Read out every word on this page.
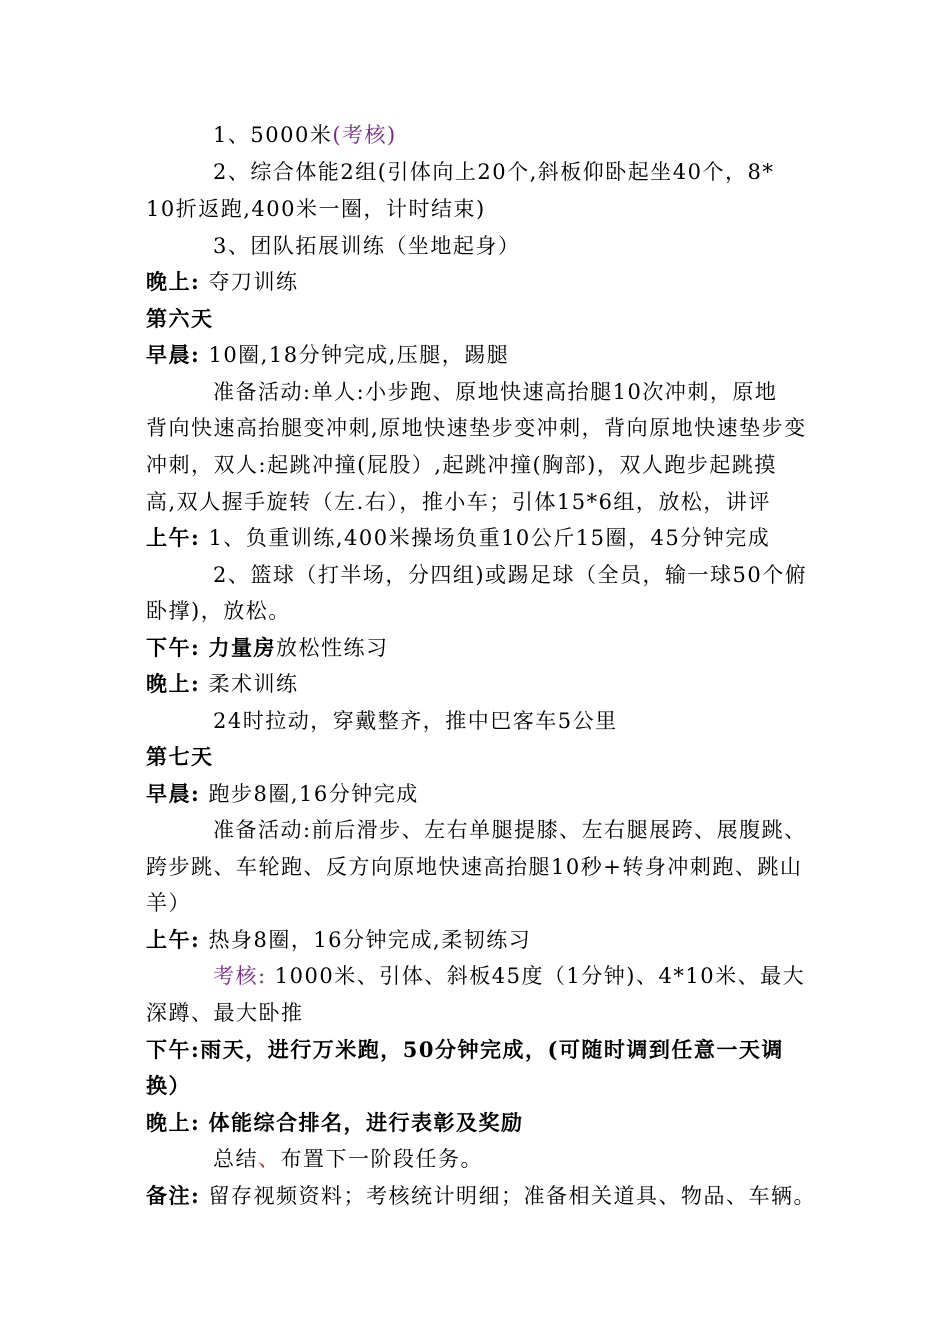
1、5000米(考核)
2、综合体能2组(引体向上20个,斜板仰卧起坐40个，8*
10折返跑,400米一圈，计时结束)
3、团队拓展训练（坐地起身）
晚上: 夺刀训练
第六天
早晨: 10圈,18分钟完成,压腿，踢腿
准备活动:单人:小步跑、原地快速高抬腿10次冲刺，原地
背向快速高抬腿变冲刺,原地快速垫步变冲刺，背向原地快速垫步变
冲刺，双人:起跳冲撞(屁股）,起跳冲撞(胸部)，双人跑步起跳摸
高,双人握手旋转（左.右），推小车；引体15*6组，放松，讲评
上午: 1、负重训练,400米操场负重10公斤15圈，45分钟完成
2、篮球（打半场，分四组)或踢足球（全员，输一球50个俯
卧撑)，放松。
下午: 力量房放松性练习
晚上: 柔术训练
24时拉动，穿戴整齐，推中巴客车5公里
第七天
早晨: 跑步8圈,16分钟完成
准备活动:前后滑步、左右单腿提膝、左右腿展跨、展腹跳、
跨步跳、车轮跑、反方向原地快速高抬腿10秒+转身冲刺跑、跳山
羊）
上午: 热身8圈，16分钟完成,柔韧练习
考核: 1000米、引体、斜板45度（1分钟)、4*10米、最大
深蹲、最大卧推
下午:雨天，进行万米跑，50分钟完成，(可随时调到任意一天调
换）
晚上: 体能综合排名，进行表彰及奖励
总结、布置下一阶段任务。
备注: 留存视频资料；考核统计明细；准备相关道具、物品、车辆。
